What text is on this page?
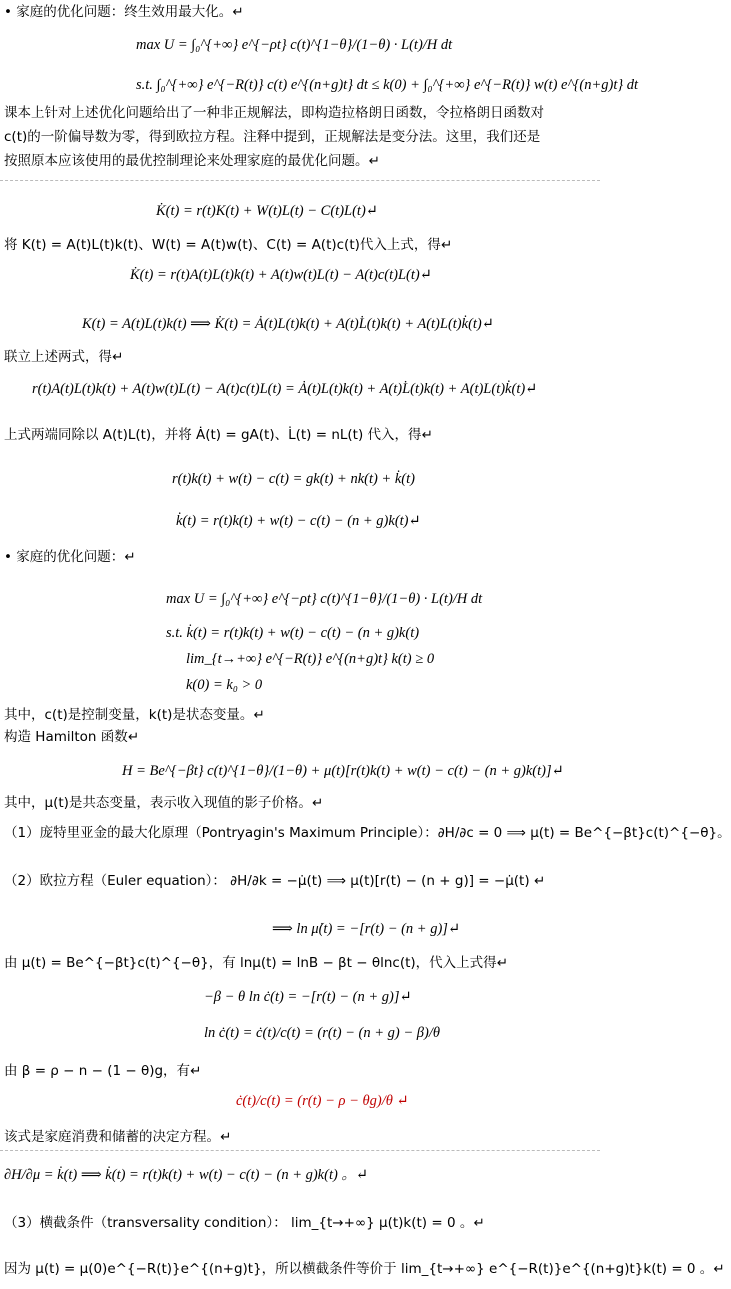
• 家庭的优化问题：终生效用最大化。↵
max U = ∫₀^{+∞} e^{−ρt} c(t)^{1−θ}/(1−θ) · L(t)/H dt
s.t. ∫₀^{+∞} e^{−R(t)} c(t) e^{(n+g)t} dt ≤ k(0) + ∫₀^{+∞} e^{−R(t)} w(t) e^{(n+g)t} dt
课本上针对上述优化问题给出了一种非正规解法，即构造拉格朗日函数，令拉格朗日函数对
c(t)的一阶偏导数为零，得到欧拉方程。注释中提到，正规解法是变分法。这里，我们还是
按照原本应该使用的最优控制理论来处理家庭的最优化问题。↵
K̇(t) = r(t)K(t) + W(t)L(t) − C(t)L(t)↵
将 K(t) = A(t)L(t)k(t)、W(t) = A(t)w(t)、C(t) = A(t)c(t)代入上式，得↵
K̇(t) = r(t)A(t)L(t)k(t) + A(t)w(t)L(t) − A(t)c(t)L(t)↵
K(t) = A(t)L(t)k(t) ⟹ K̇(t) = Ȧ(t)L(t)k(t) + A(t)L̇(t)k(t) + A(t)L(t)k̇(t)↵
联立上述两式，得↵
r(t)A(t)L(t)k(t) + A(t)w(t)L(t) − A(t)c(t)L(t) = Ȧ(t)L(t)k(t) + A(t)L̇(t)k(t) + A(t)L(t)k̇(t)↵
上式两端同除以 A(t)L(t)，并将 Ȧ(t) = gA(t)、L̇(t) = nL(t) 代入，得↵
r(t)k(t) + w(t) − c(t) = gk(t) + nk(t) + k̇(t)
k̇(t) = r(t)k(t) + w(t) − c(t) − (n + g)k(t)↵
• 家庭的优化问题：↵
max U = ∫₀^{+∞} e^{−ρt} c(t)^{1−θ}/(1−θ) · L(t)/H dt
s.t. k̇(t) = r(t)k(t) + w(t) − c(t) − (n + g)k(t)
lim_{t→+∞} e^{−R(t)} e^{(n+g)t} k(t) ≥ 0
k(0) = k₀ > 0
其中，c(t)是控制变量，k(t)是状态变量。↵
构造 Hamilton 函数↵
H = Be^{−βt} c(t)^{1−θ}/(1−θ) + μ(t)[r(t)k(t) + w(t) − c(t) − (n + g)k(t)]↵
其中，μ(t)是共态变量，表示收入现值的影子价格。↵
（1）庞特里亚金的最大化原理（Pontryagin's Maximum Principle）：∂H/∂c = 0 ⟹ μ(t) = Be^{−βt}c(t)^{−θ}。
（2）欧拉方程（Euler equation）： ∂H/∂k = −μ̇(t) ⟹ μ(t)[r(t) − (n + g)] = −μ̇(t) ↵
⟹ ln μ̇(t) = −[r(t) − (n + g)]↵
由 μ(t) = Be^{−βt}c(t)^{−θ}，有 lnμ(t) = lnB − βt − θlnc(t)，代入上式得↵
−β − θ ln ċ(t) = −[r(t) − (n + g)]↵
ln ċ(t) = ċ(t)/c(t) = (r(t) − (n + g) − β)/θ
由 β = ρ − n − (1 − θ)g，有↵
ċ(t)/c(t) = (r(t) − ρ − θg)/θ ↵
该式是家庭消费和储蓄的决定方程。↵
∂H/∂μ = k̇(t) ⟹ k̇(t) = r(t)k(t) + w(t) − c(t) − (n + g)k(t) 。↵
（3）横截条件（transversality condition）： lim_{t→+∞} μ(t)k(t) = 0 。↵
因为 μ(t) = μ(0)e^{−R(t)}e^{(n+g)t}，所以横截条件等价于 lim_{t→+∞} e^{−R(t)}e^{(n+g)t}k(t) = 0 。↵
